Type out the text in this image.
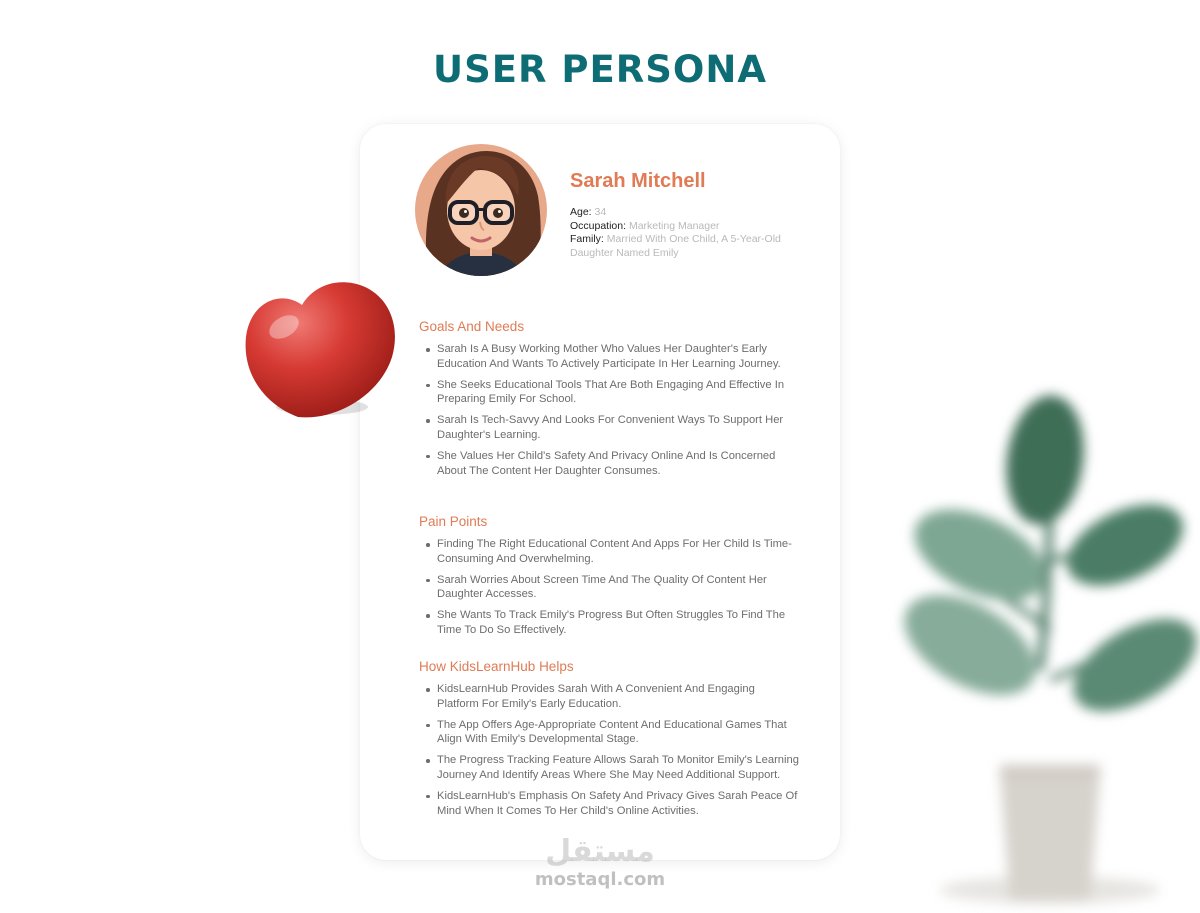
USER PERSONA
Sarah Mitchell

Age: 34

Occupation: Marketing Manager

Family: Married With One Child, A 5-Year-Old Daughter Named Emily

Goals And Needs
Sarah Is A Busy Working Mother Who Values Her Daughter's Early Education And Wants To Actively Participate In Her Learning Journey.
She Seeks Educational Tools That Are Both Engaging And Effective In Preparing Emily For School.
Sarah Is Tech-Savvy And Looks For Convenient Ways To Support Her Daughter's Learning.
She Values Her Child's Safety And Privacy Online And Is Concerned About The Content Her Daughter Consumes.
Pain Points
Finding The Right Educational Content And Apps For Her Child Is Time-Consuming And Overwhelming.
Sarah Worries About Screen Time And The Quality Of Content Her Daughter Accesses.
She Wants To Track Emily's Progress But Often Struggles To Find The Time To Do So Effectively.
How KidsLearnHub Helps
KidsLearnHub Provides Sarah With A Convenient And Engaging Platform For Emily's Early Education.
The App Offers Age-Appropriate Content And Educational Games That Align With Emily's Developmental Stage.
The Progress Tracking Feature Allows Sarah To Monitor Emily's Learning Journey And Identify Areas Where She May Need Additional Support.
KidsLearnHub's Emphasis On Safety And Privacy Gives Sarah Peace Of Mind When It Comes To Her Child's Online Activities.
مستقل
mostaql.com
